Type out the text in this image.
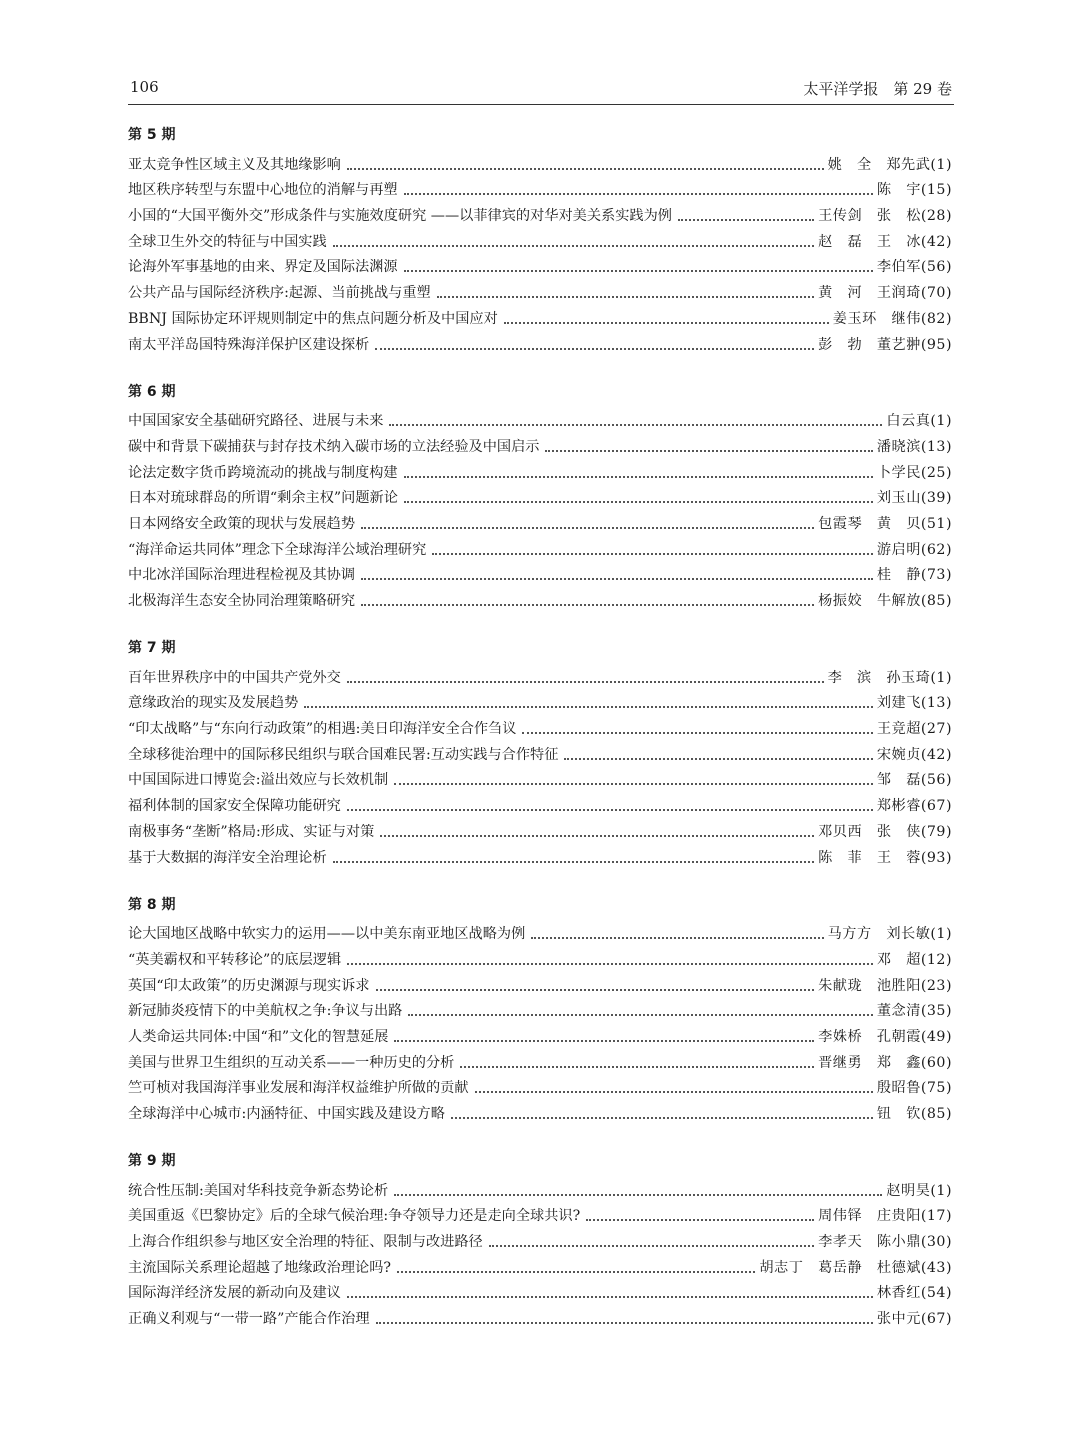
106	太平洋学报　第 29 卷
第 5 期
亚太竞争性区域主义及其地缘影响	姚　全　郑先武(1)
地区秩序转型与东盟中心地位的消解与再塑	陈　宇(15)
小国的“大国平衡外交”形成条件与实施效度研究 ——以菲律宾的对华对美关系实践为例	王传剑　张　松(28)
全球卫生外交的特征与中国实践	赵　磊　王　冰(42)
论海外军事基地的由来、界定及国际法渊源	李伯军(56)
公共产品与国际经济秩序:起源、当前挑战与重塑	黄　河　王润琦(70)
BBNJ 国际协定环评规则制定中的焦点问题分析及中国应对	姜玉环　继伟(82)
南太平洋岛国特殊海洋保护区建设探析	彭　勃　董艺翀(95)
第 6 期
中国国家安全基础研究路径、进展与未来	白云真(1)
碳中和背景下碳捕获与封存技术纳入碳市场的立法经验及中国启示	潘晓滨(13)
论法定数字货币跨境流动的挑战与制度构建	卜学民(25)
日本对琉球群岛的所谓“剩余主权”问题新论	刘玉山(39)
日本网络安全政策的现状与发展趋势	包霞琴　黄　贝(51)
“海洋命运共同体”理念下全球海洋公域治理研究	游启明(62)
中北冰洋国际治理进程检视及其协调	桂　静(73)
北极海洋生态安全协同治理策略研究	杨振姣　牛解放(85)
第 7 期
百年世界秩序中的中国共产党外交	李　滨　孙玉琦(1)
意缘政治的现实及发展趋势	刘建飞(13)
“印太战略”与“东向行动政策”的相遇:美日印海洋安全合作刍议	王竞超(27)
全球移徙治理中的国际移民组织与联合国难民署:互动实践与合作特征	宋婉贞(42)
中国国际进口博览会:溢出效应与长效机制	邹　磊(56)
福利体制的国家安全保障功能研究	郑彬睿(67)
南极事务“垄断”格局:形成、实证与对策	邓贝西　张　侠(79)
基于大数据的海洋安全治理论析	陈　菲　王　蓉(93)
第 8 期
论大国地区战略中软实力的运用——以中美东南亚地区战略为例	马方方　刘长敏(1)
“英美霸权和平转移论”的底层逻辑	邓　超(12)
英国“印太政策”的历史渊源与现实诉求	朱献珑　池胜阳(23)
新冠肺炎疫情下的中美航权之争:争议与出路	董念清(35)
人类命运共同体:中国“和”文化的智慧延展	李姝桥　孔朝霞(49)
美国与世界卫生组织的互动关系——一种历史的分析	晋继勇　郑　鑫(60)
竺可桢对我国海洋事业发展和海洋权益维护所做的贡献	殷昭鲁(75)
全球海洋中心城市:内涵特征、中国实践及建设方略	钮　钦(85)
第 9 期
统合性压制:美国对华科技竞争新态势论析	赵明昊(1)
美国重返《巴黎协定》后的全球气候治理:争夺领导力还是走向全球共识?	周伟铎　庄贵阳(17)
上海合作组织参与地区安全治理的特征、限制与改进路径	李孝天　陈小鼎(30)
主流国际关系理论超越了地缘政治理论吗?	胡志丁　葛岳静　杜德斌(43)
国际海洋经济发展的新动向及建议	林香红(54)
正确义利观与“一带一路”产能合作治理	张中元(67)
